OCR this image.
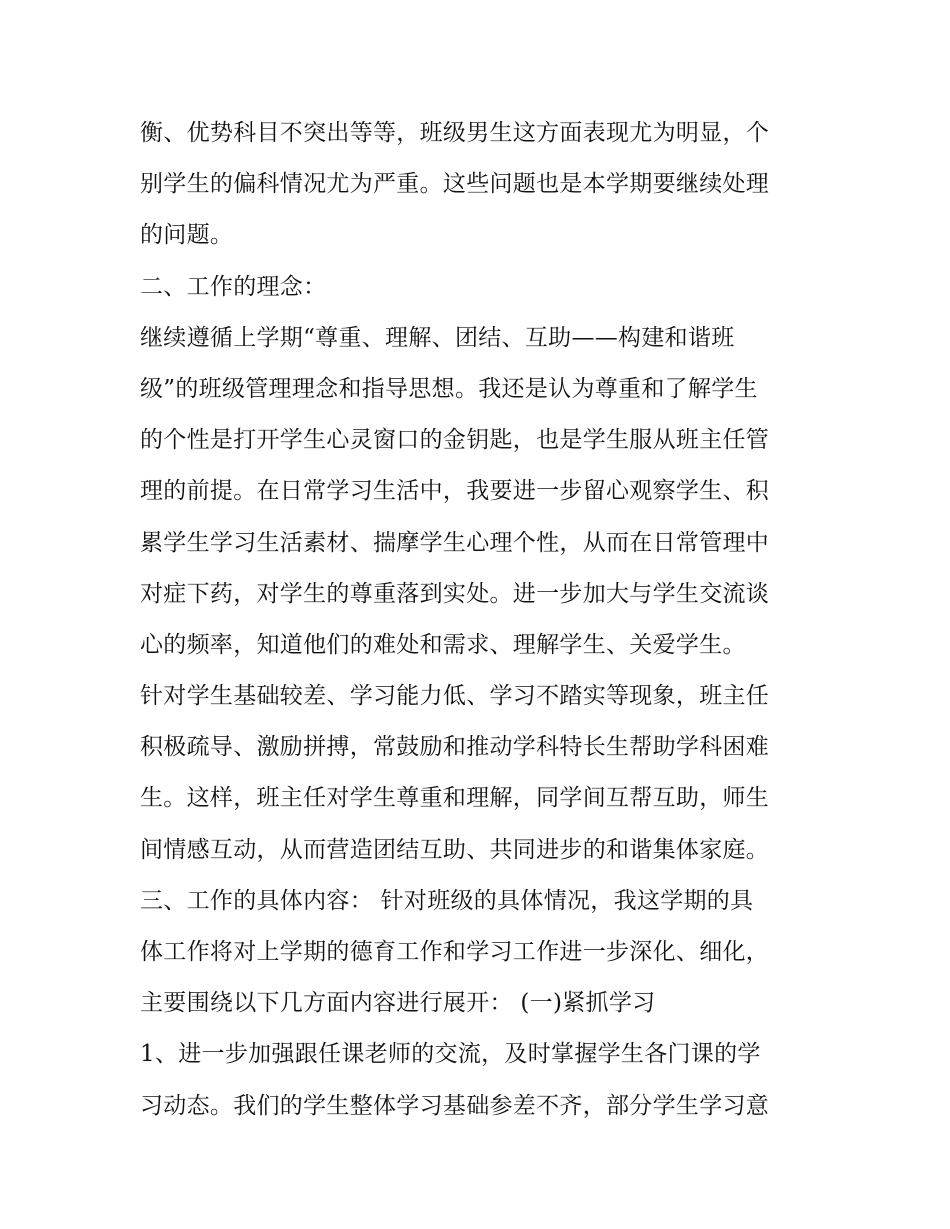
衡、优势科目不突出等等，班级男生这方面表现尤为明显，个
别学生的偏科情况尤为严重。这些问题也是本学期要继续处理
的问题。
二、工作的理念：
继续遵循上学期“尊重、理解、团结、互助——构建和谐班
级”的班级管理理念和指导思想。我还是认为尊重和了解学生
的个性是打开学生心灵窗口的金钥匙，也是学生服从班主任管
理的前提。在日常学习生活中，我要进一步留心观察学生、积
累学生学习生活素材、揣摩学生心理个性，从而在日常管理中
对症下药，对学生的尊重落到实处。进一步加大与学生交流谈
心的频率，知道他们的难处和需求、理解学生、关爱学生。
针对学生基础较差、学习能力低、学习不踏实等现象，班主任
积极疏导、激励拼搏，常鼓励和推动学科特长生帮助学科困难
生。这样，班主任对学生尊重和理解，同学间互帮互助，师生
间情感互动，从而营造团结互助、共同进步的和谐集体家庭。
三、工作的具体内容： 针对班级的具体情况，我这学期的具
体工作将对上学期的德育工作和学习工作进一步深化、细化，
主要围绕以下几方面内容进行展开： (一)紧抓学习
1、进一步加强跟任课老师的交流，及时掌握学生各门课的学
习动态。我们的学生整体学习基础参差不齐，部分学生学习意
